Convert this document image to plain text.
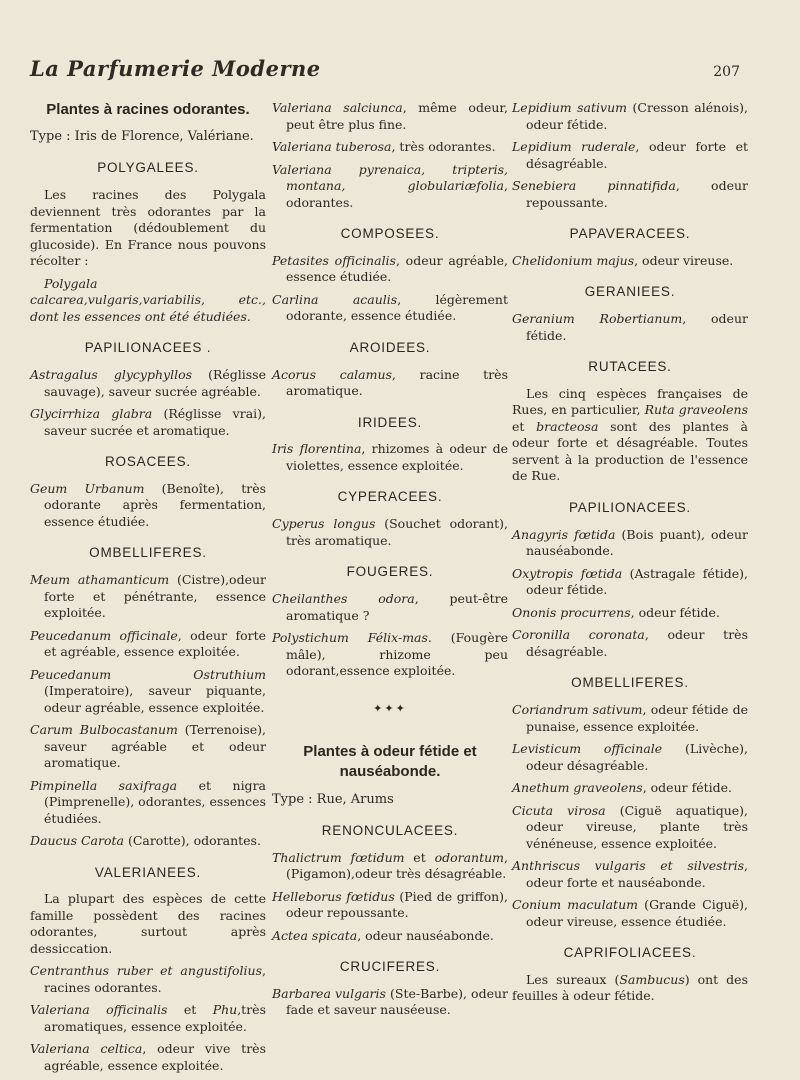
La Parfumerie Moderne	207
Plantes à racines odorantes.

Type : Iris de Florence, Valériane.

POLYGALEES.

Les racines des Polygala deviennent très odorantes par la fermentation (dédoublement du glucoside). En France nous pouvons récolter :

Polygala calcarea,vulgaris,variabilis, etc., dont les essences ont été étudiées.

PAPILIONACEES .

Astragalus glycyphyllos (Réglisse sauvage), saveur sucrée agréable.

Glycirrhiza glabra (Réglisse vrai), saveur sucrée et aromatique.

ROSACEES.

Geum Urbanum (Benoîte), très odorante après fermentation, essence étudiée.

OMBELLIFERES.

Meum athamanticum (Cistre),odeur forte et pénétrante, essence exploitée.

Peucedanum officinale, odeur forte et agréable, essence exploitée.

Peucedanum Ostruthium (Imperatoire), saveur piquante, odeur agréable, essence exploitée.

Carum Bulbocastanum (Terrenoise), saveur agréable et odeur aromatique.

Pimpinella saxifraga et nigra (Pimprenelle), odorantes, essences étudiées.

Daucus Carota (Carotte), odorantes.

VALERIANEES.

La plupart des espèces de cette famille possèdent des racines odorantes, surtout après dessiccation.

Centranthus ruber et angustifolius, racines odorantes.

Valeriana officinalis et Phu,très aromatiques, essence exploitée.

Valeriana celtica, odeur vive très agréable, essence exploitée.

Valeriana salciunca, même odeur, peut être plus fine.

Valeriana tuberosa, très odorantes.

Valeriana pyrenaica, tripteris, montana, globulariæfolia, odorantes.

COMPOSEES.

Petasites officinalis, odeur agréable, essence étudiée.

Carlina acaulis, légèrement odorante, essence étudiée.

AROIDEES.

Acorus calamus, racine très aromatique.

IRIDEES.

Iris florentina, rhizomes à odeur de violettes, essence exploitée.

CYPERACEES.

Cyperus longus (Souchet odorant), très aromatique.

FOUGERES.

Cheilanthes odora, peut-être aromatique ?

Polystichum Félix-mas. (Fougère mâle), rhizome peu odorant,essence exploitée.

✦✦✦
Plantes à odeur fétide et nauséabonde.

Type : Rue, Arums

RENONCULACEES.

Thalictrum fœtidum et odorantum, (Pigamon),odeur très désagréable.

Helleborus fœtidus (Pied de griffon), odeur repoussante.

Actea spicata, odeur nauséabonde.

CRUCIFERES.

Barbarea vulgaris (Ste-Barbe), odeur fade et saveur nauséeuse.

Lepidium sativum (Cresson alénois), odeur fétide.

Lepidium ruderale, odeur forte et désagréable.

Senebiera pinnatifida, odeur repoussante.

PAPAVERACEES.

Chelidonium majus, odeur vireuse.

GERANIEES.

Geranium Robertianum, odeur fétide.

RUTACEES.

Les cinq espèces françaises de Rues, en particulier, Ruta graveolens et bracteosa sont des plantes à odeur forte et désagréable. Toutes servent à la production de l'essence de Rue.

PAPILIONACEES.

Anagyris fœtida (Bois puant), odeur nauséabonde.

Oxytropis fœtida (Astragale fétide), odeur fétide.

Ononis procurrens, odeur fétide.

Coronilla coronata, odeur très désagréable.

OMBELLIFERES.

Coriandrum sativum, odeur fétide de punaise, essence exploitée.

Levisticum officinale (Livèche), odeur désagréable.

Anethum graveolens, odeur fétide.

Cicuta virosa (Ciguë aquatique), odeur vireuse, plante très vénéneuse, essence exploitée.

Anthriscus vulgaris et silvestris, odeur forte et nauséabonde.

Conium maculatum (Grande Ciguë), odeur vireuse, essence étudiée.

CAPRIFOLIACEES.

Les sureaux (Sambucus) ont des feuilles à odeur fétide.
